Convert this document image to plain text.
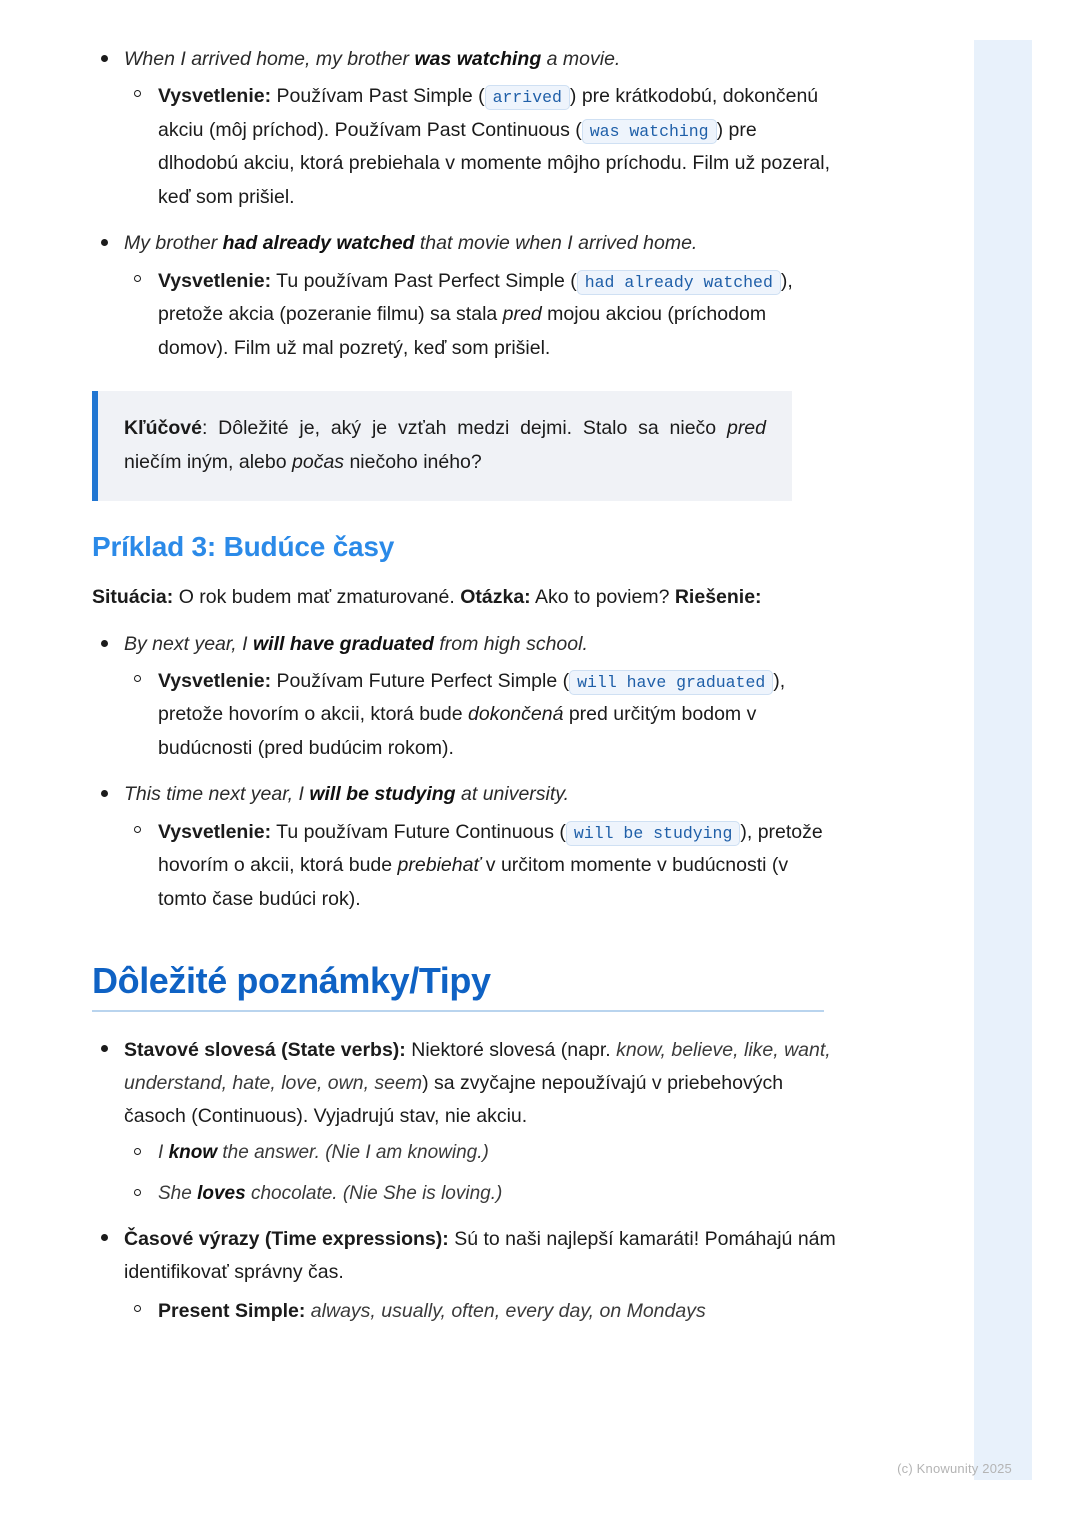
When I arrived home, my brother was watching a movie.
Vysvetlenie: Používam Past Simple ( arrived ) pre krátkodobú, dokončenú akciu (môj príchod). Používam Past Continuous ( was watching ) pre dlhodobú akciu, ktorá prebiehala v momente môjho príchodu. Film už pozeral, keď som prišiel.
My brother had already watched that movie when I arrived home.
Vysvetlenie: Tu používam Past Perfect Simple ( had already watched ), pretože akcia (pozeranie filmu) sa stala pred mojou akciou (príchodom domov). Film už mal pozretý, keď som prišiel.
Kľúčové: Dôležité je, aký je vzťah medzi dejmi. Stalo sa niečo pred niečím iným, alebo počas niečoho iného?
Príklad 3: Budúce časy

Situácia: O rok budem mať zmaturované. Otázka: Ako to poviem? Riešenie:

By next year, I will have graduated from high school.
Vysvetlenie: Používam Future Perfect Simple ( will have graduated ), pretože hovorím o akcii, ktorá bude dokončená pred určitým bodom v budúcnosti (pred budúcim rokom).
This time next year, I will be studying at university.
Vysvetlenie: Tu používam Future Continuous ( will be studying ), pretože hovorím o akcii, ktorá bude prebiehať v určitom momente v budúcnosti (v tomto čase budúci rok).
Dôležité poznámky/Tipy
Stavové slovesá (State verbs): Niektoré slovesá (napr. know, believe, like, want, understand, hate, love, own, seem) sa zvyčajne nepoužívajú v priebehových časoch (Continuous). Vyjadrujú stav, nie akciu.
I know the answer. (Nie I am knowing.)
She loves chocolate. (Nie She is loving.)
Časové výrazy (Time expressions): Sú to naši najlepší kamaráti! Pomáhajú nám identifikovať správny čas.
Present Simple: always, usually, often, every day, on Mondays
(c) Knowunity 2025
